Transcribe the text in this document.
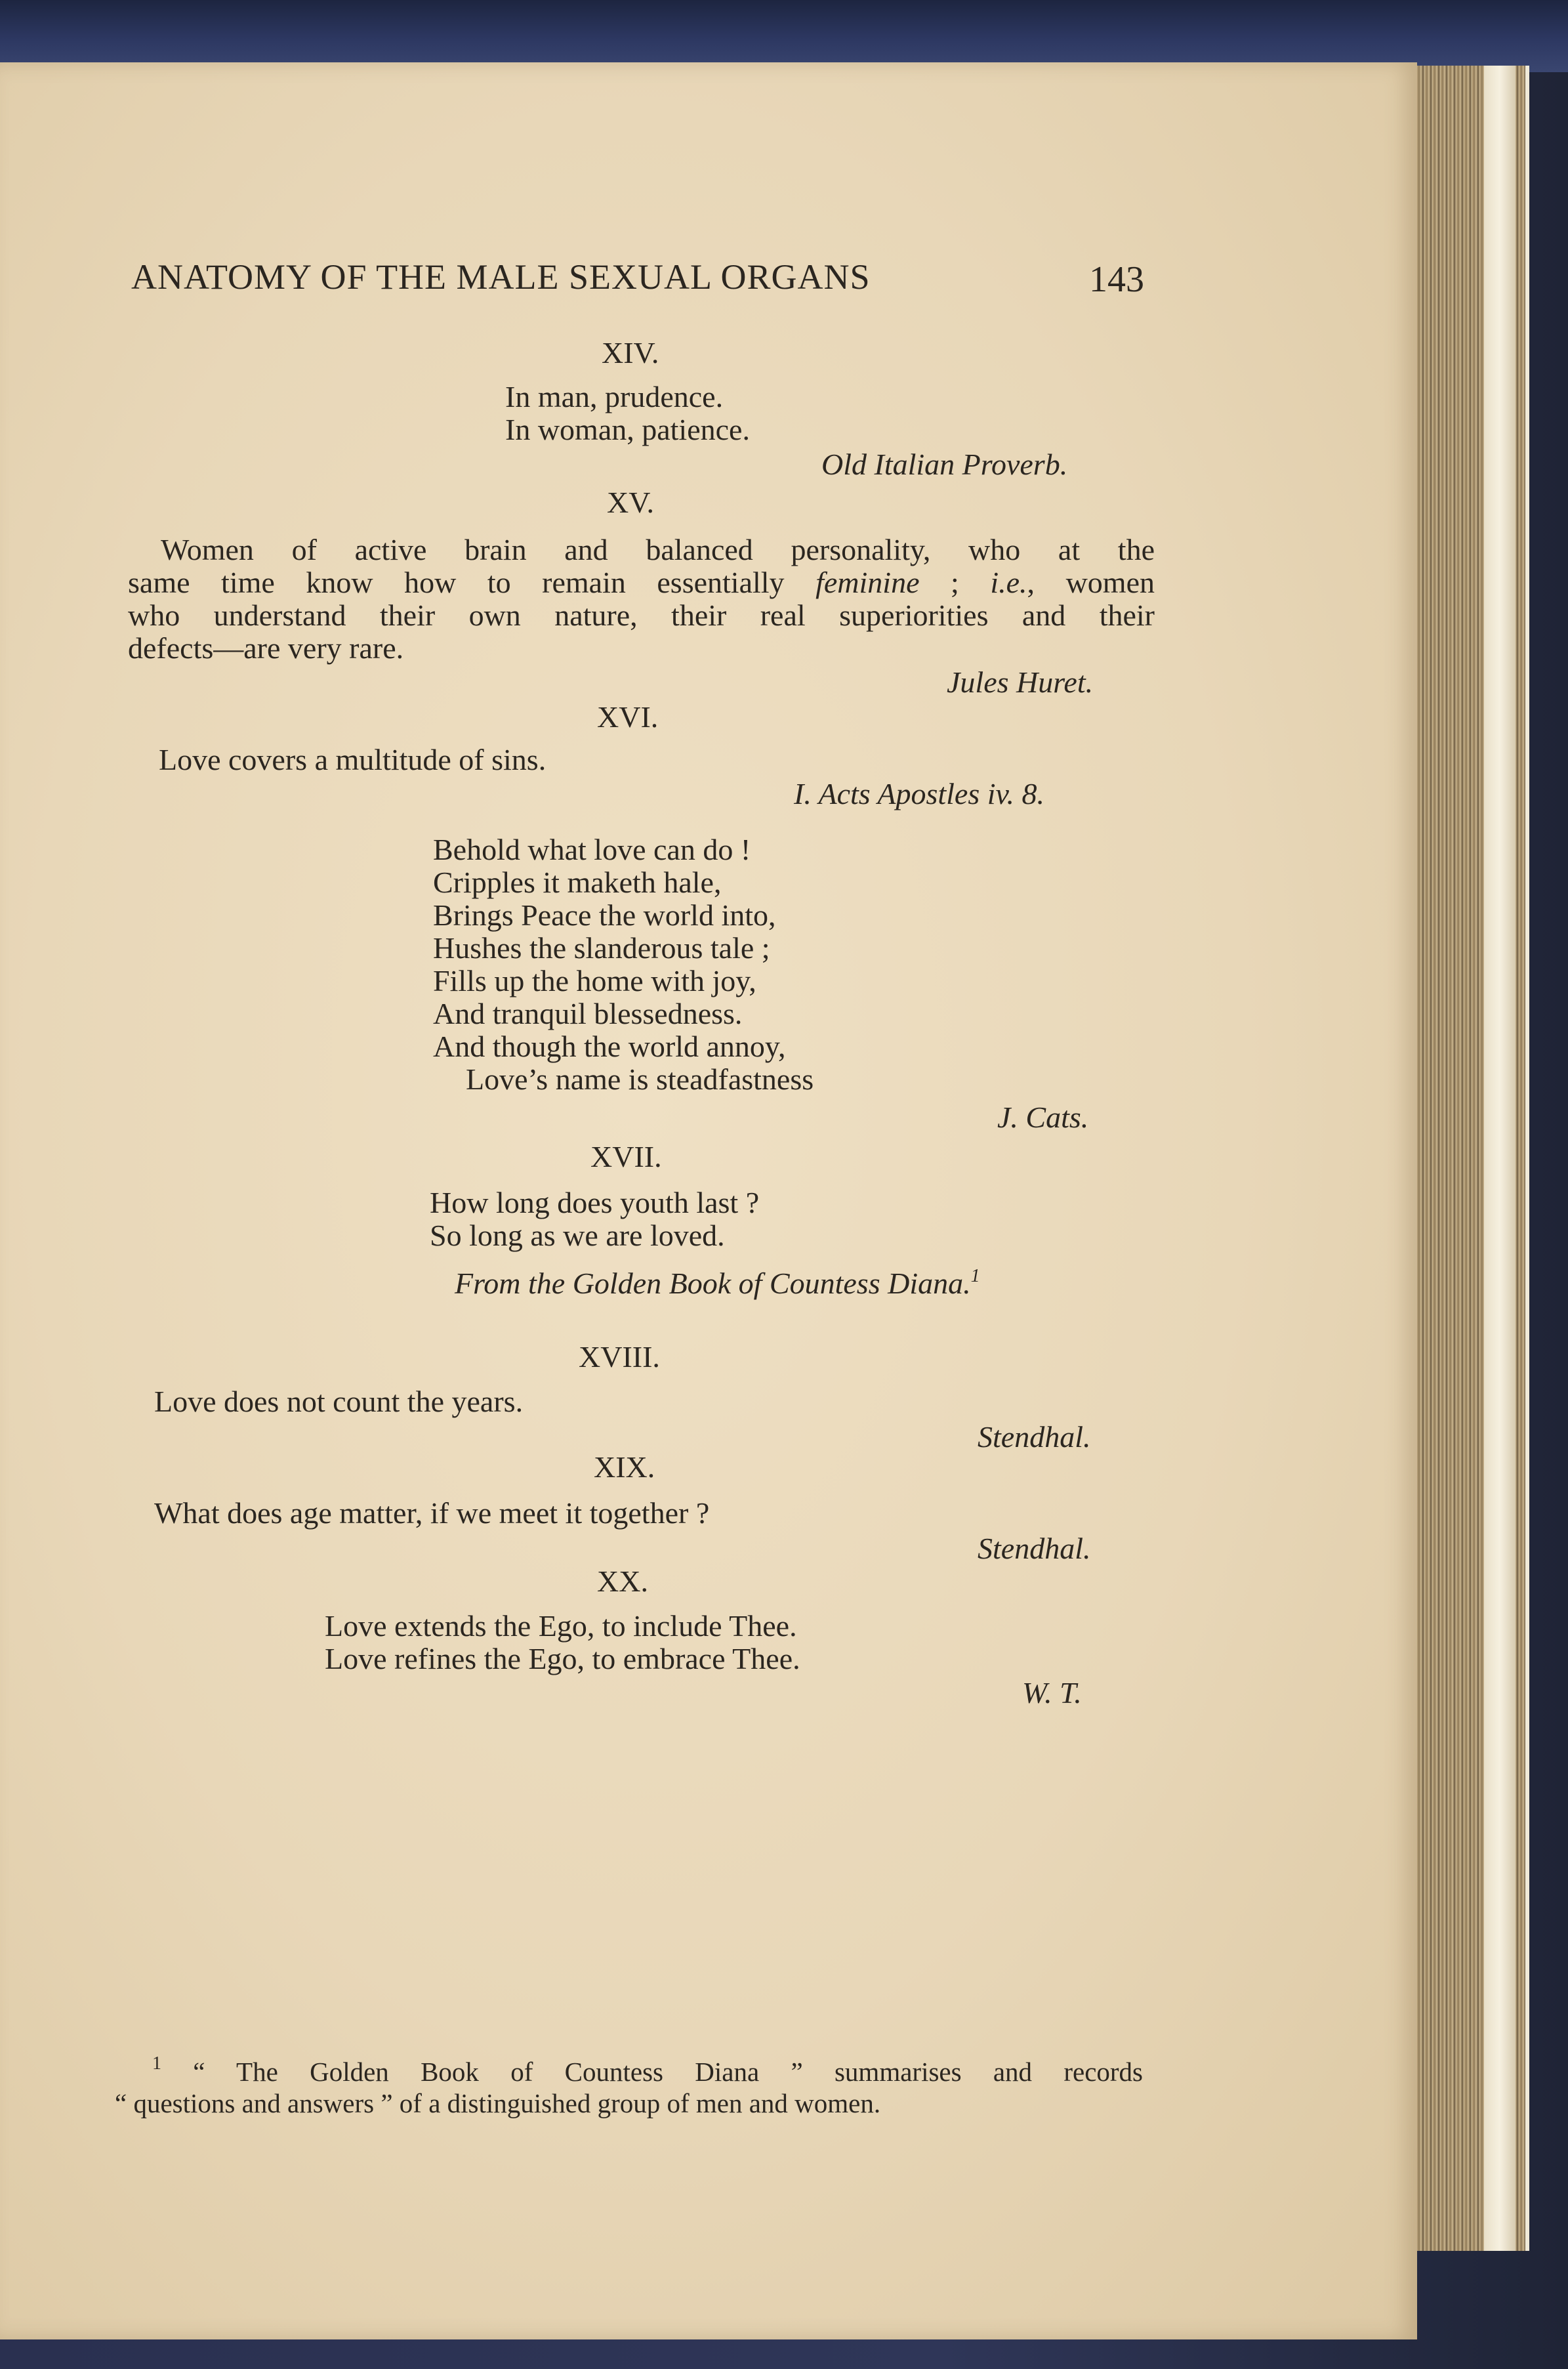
ANATOMY OF THE MALE SEXUAL ORGANS	143
XIV.
In man, prudence.
In woman, patience.
Old Italian Proverb.
XV.
Women of active brain and balanced personality, who at the
same time know how to remain essentially feminine ; i.e., women
who understand their own nature, their real superiorities and their
defects—are very rare.
Jules Huret.
XVI.
Love covers a multitude of sins.
I. Acts Apostles iv. 8.
Behold what love can do !
Cripples it maketh hale,
Brings Peace the world into,
Hushes the slanderous tale ;
Fills up the home with joy,
And tranquil blessedness.
And though the world annoy,
Love’s name is steadfastness
J. Cats.
XVII.
How long does youth last ?
So long as we are loved.
From the Golden Book of Countess Diana.$^1$
XVIII.
Love does not count the years.
Stendhal.
XIX.
What does age matter, if we meet it together ?
Stendhal.
XX.
Love extends the Ego, to include Thee.
Love refines the Ego, to embrace Thee.
W. T.
$^1$ “ The Golden Book of Countess Diana ” summarises and records
“ questions and answers ” of a distinguished group of men and women.
